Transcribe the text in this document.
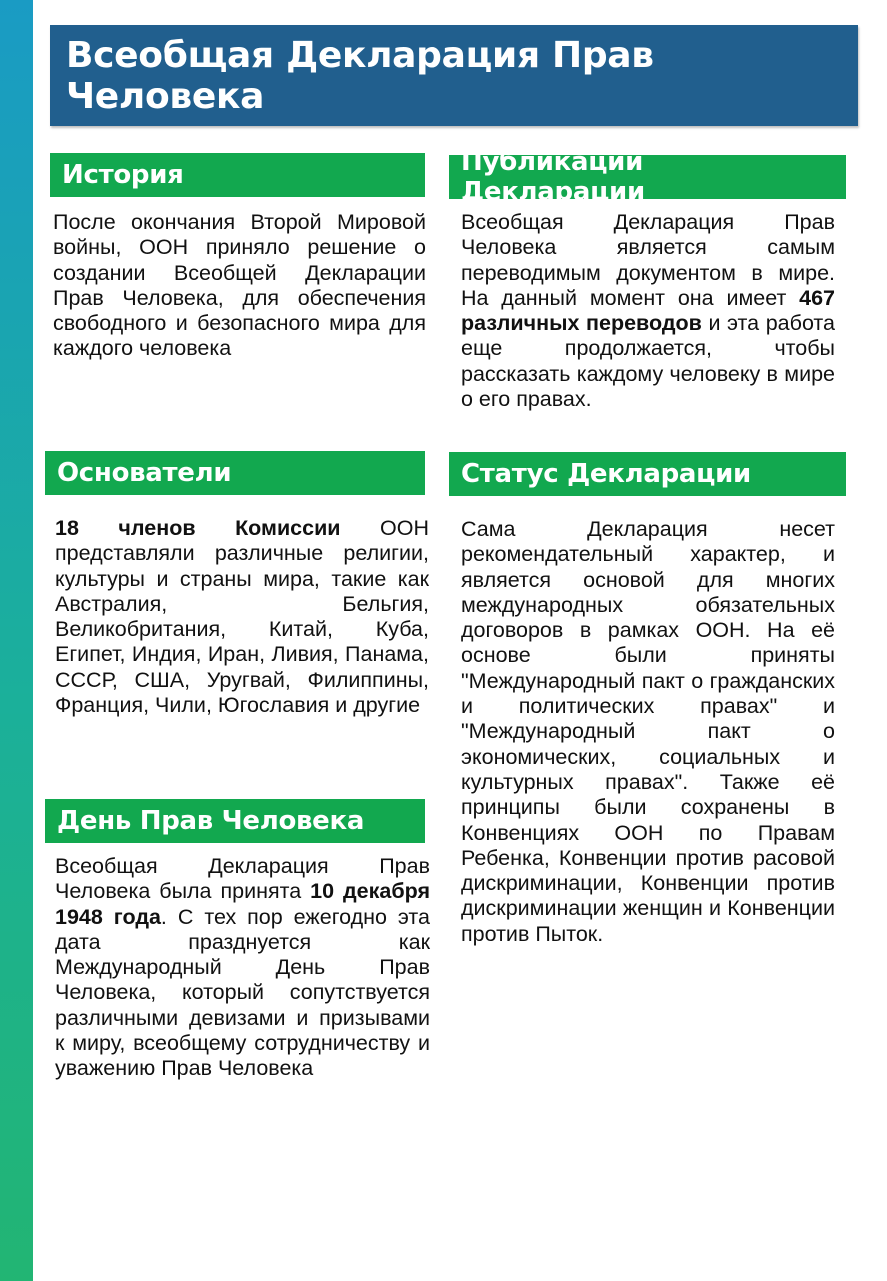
Всеобщая Декларация Прав Человека
История
После окончания Второй Мировой войны, ООН приняло решение о создании Всеобщей Декларации Прав Человека, для обеспечения свободного и безопасного мира для каждого человека
Публикации Декларации
Всеобщая Декларация Прав Человека является самым переводимым документом в мире. На данный момент она имеет 467 различных переводов и эта работа еще продолжается, чтобы рассказать каждому человеку в мире о его правах.
Основатели
18 членов Комиссии ООН представляли различные религии, культуры и страны мира, такие как Австралия, Бельгия, Великобритания, Китай, Куба, Египет, Индия, Иран, Ливия, Панама, СССР, США, Уругвай, Филиппины, Франция, Чили, Югославия и другие
Статус Декларации
Сама Декларация несет рекомендательный характер, и является основой для многих международных обязательных договоров в рамках ООН. На её основе были приняты "Международный пакт о гражданских и политических правах" и "Международный пакт о экономических, социальных и культурных правах". Также её принципы были сохранены в Конвенциях ООН по Правам Ребенка, Конвенции против расовой дискриминации, Конвенции против дискриминации женщин и Конвенции против Пыток.
День Прав Человека
Всеобщая Декларация Прав Человека была принята 10 декабря 1948 года. С тех пор ежегодно эта дата празднуется как Международный День Прав Человека, который сопутствуется различными девизами и призывами к миру, всеобщему сотрудничеству и уважению Прав Человека
